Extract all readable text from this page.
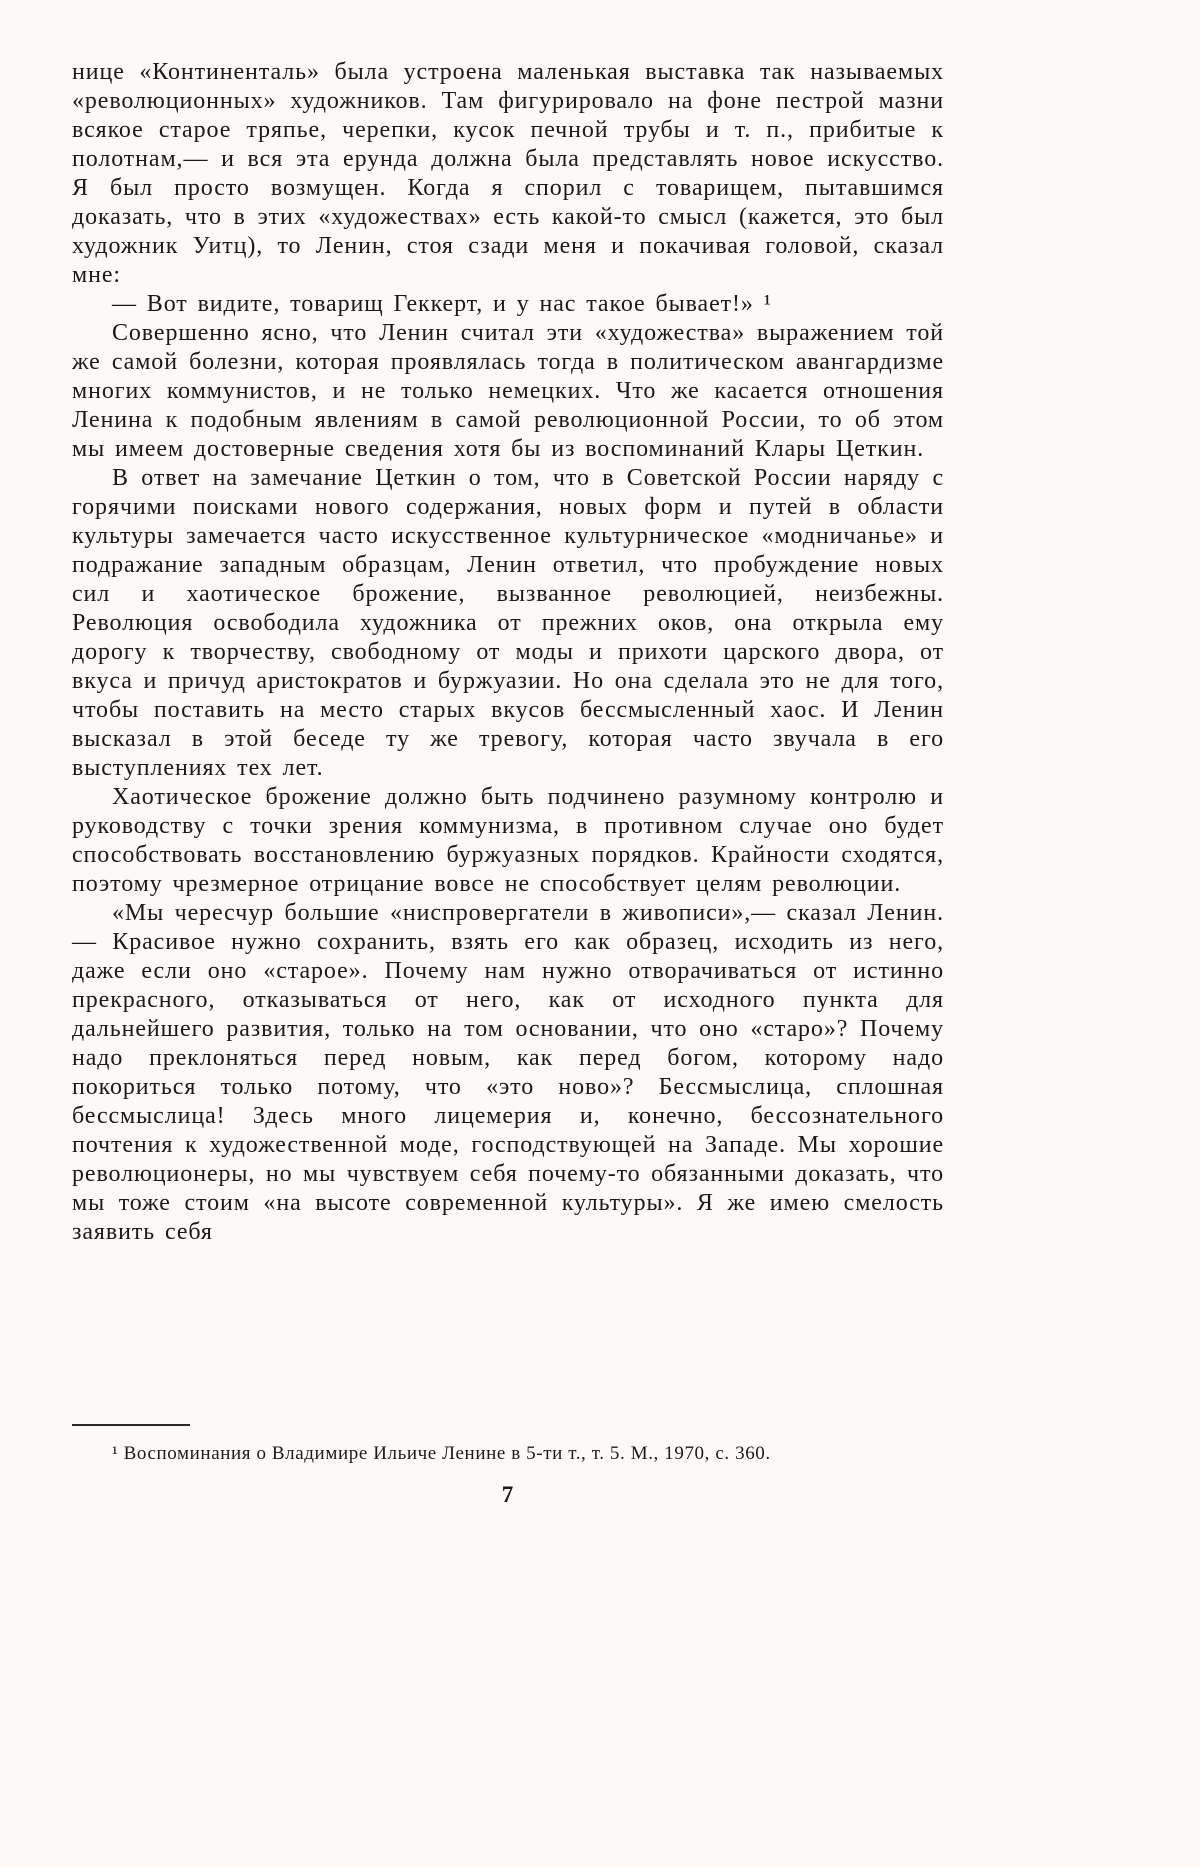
нице «Континенталь» была устроена маленькая выставка так называемых «революционных» художников. Там фигурировало на фоне пестрой мазни всякое старое тряпье, черепки, кусок печной трубы и т. п., прибитые к полотнам,— и вся эта ерунда должна была представлять новое искусство. Я был просто возмущен. Когда я спорил с товарищем, пытавшимся доказать, что в этих «художествах» есть какой-то смысл (кажется, это был художник Уитц), то Ленин, стоя сзади меня и покачивая головой, сказал мне:

— Вот видите, товарищ Геккерт, и у нас такое бывает!» ¹

Совершенно ясно, что Ленин считал эти «художества» выражением той же самой болезни, которая проявлялась тогда в политическом авангардизме многих коммунистов, и не только немецких. Что же касается отношения Ленина к подобным явлениям в самой революционной России, то об этом мы имеем достоверные сведения хотя бы из воспоминаний Клары Цеткин.

В ответ на замечание Цеткин о том, что в Советской России наряду с горячими поисками нового содержания, новых форм и путей в области культуры замечается часто искусственное культурническое «модничанье» и подражание западным образцам, Ленин ответил, что пробуждение новых сил и хаотическое брожение, вызванное революцией, неизбежны. Революция освободила художника от прежних оков, она открыла ему дорогу к творчеству, свободному от моды и прихоти царского двора, от вкуса и причуд аристократов и буржуазии. Но она сделала это не для того, чтобы поставить на место старых вкусов бессмысленный хаос. И Ленин высказал в этой беседе ту же тревогу, которая часто звучала в его выступлениях тех лет.

Хаотическое брожение должно быть подчинено разумному контролю и руководству с точки зрения коммунизма, в противном случае оно будет способствовать восстановлению буржуазных порядков. Крайности сходятся, поэтому чрезмерное отрицание вовсе не способствует целям революции.

«Мы чересчур большие «ниспровергатели в живописи»,— сказал Ленин.— Красивое нужно сохранить, взять его как образец, исходить из него, даже если оно «старое». Почему нам нужно отворачиваться от истинно прекрасного, отказываться от него, как от исходного пункта для дальнейшего развития, только на том основании, что оно «старо»? Почему надо преклоняться перед новым, как перед богом, которому надо покориться только потому, что «это ново»? Бессмыслица, сплошная бессмыслица! Здесь много лицемерия и, конечно, бессознательного почтения к художественной моде, господствующей на Западе. Мы хорошие революционеры, но мы чувствуем себя почему-то обязанными доказать, что мы тоже стоим «на высоте современной культуры». Я же имею смелость заявить себя

¹ Воспоминания о Владимире Ильиче Ленине в 5-ти т., т. 5. М., 1970, с. 360.

7
